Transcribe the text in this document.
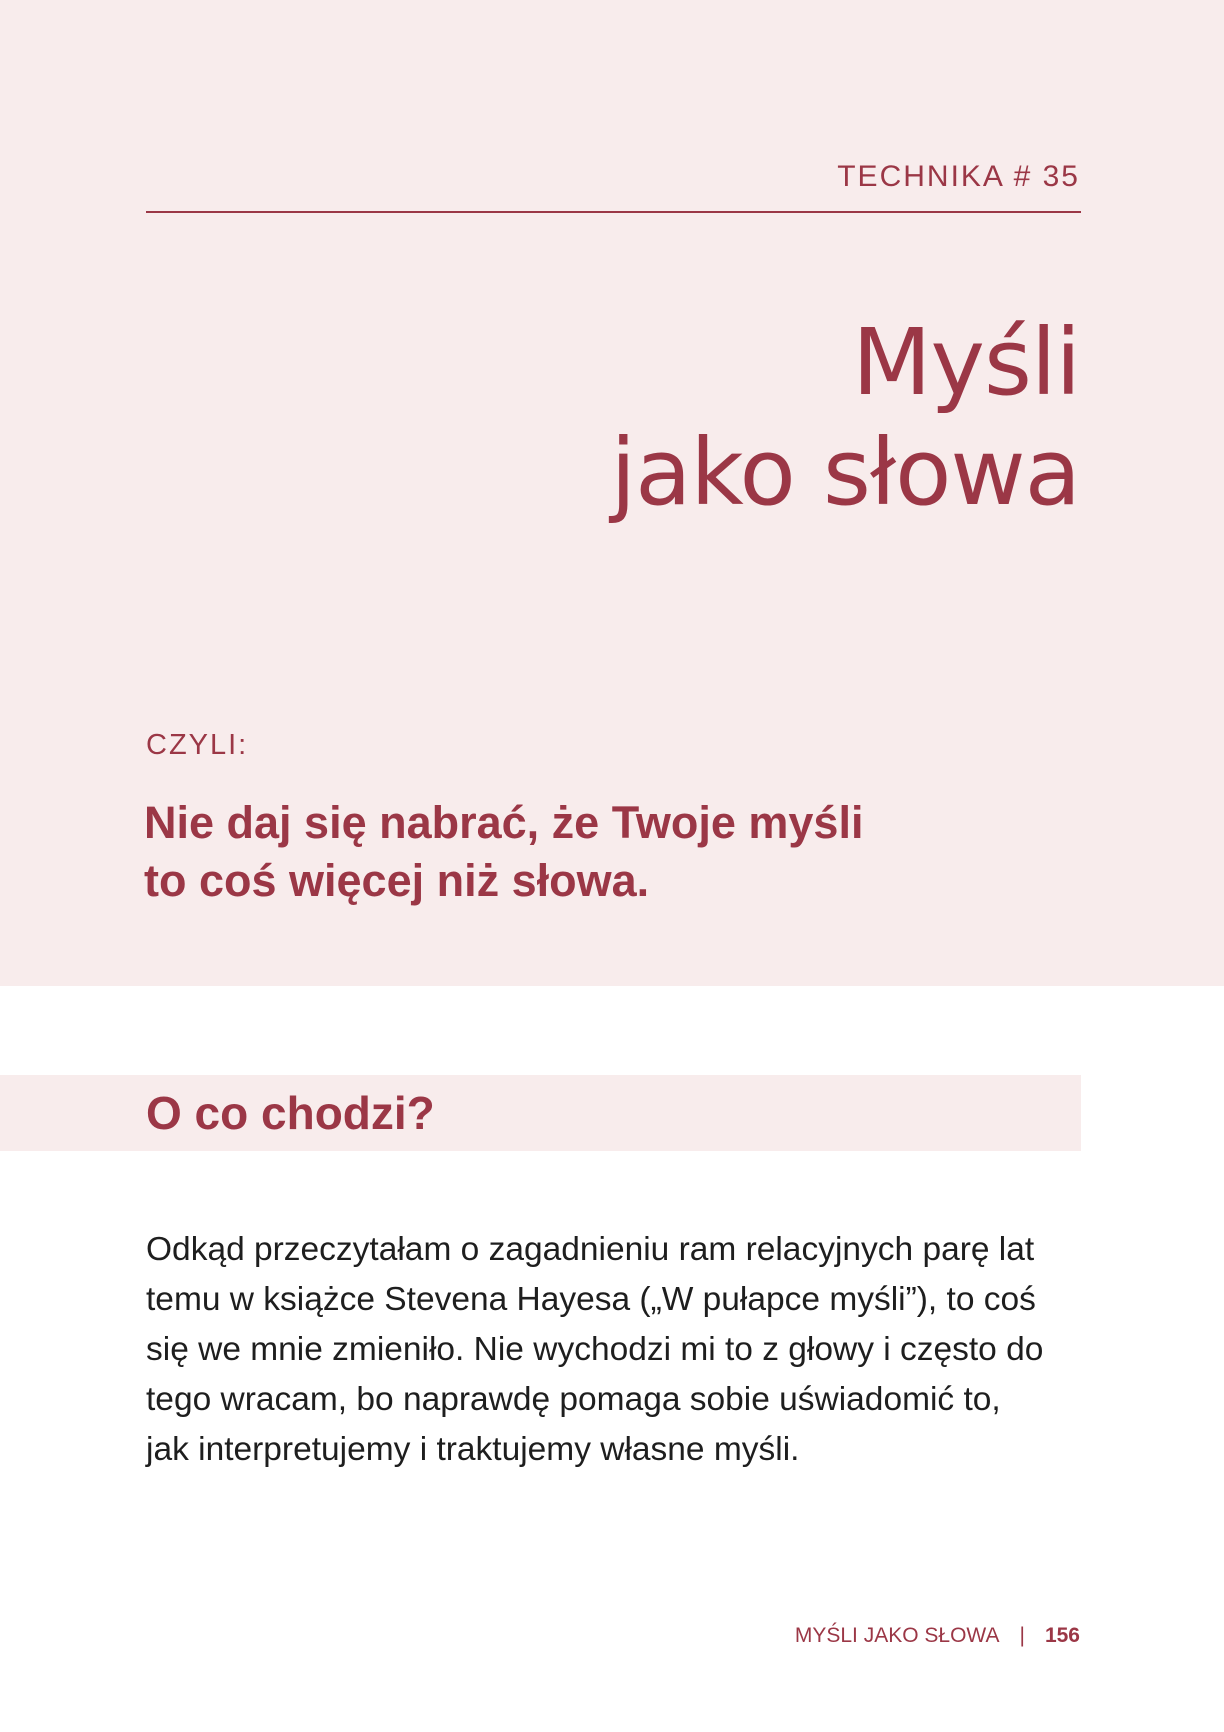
TECHNIKA # 35
Myśli
jako słowa
CZYLI:
Nie daj się nabrać, że Twoje myśli
to coś więcej niż słowa.
O co chodzi?
Odkąd przeczytałam o zagadnieniu ram relacyjnych parę lat
temu w książce Stevena Hayesa („W pułapce myśli”), to coś
się we mnie zmieniło. Nie wychodzi mi to z głowy i często do
tego wracam, bo naprawdę pomaga sobie uświadomić to,
jak interpretujemy i traktujemy własne myśli.
MYŚLI JAKO SŁOWA | 156
